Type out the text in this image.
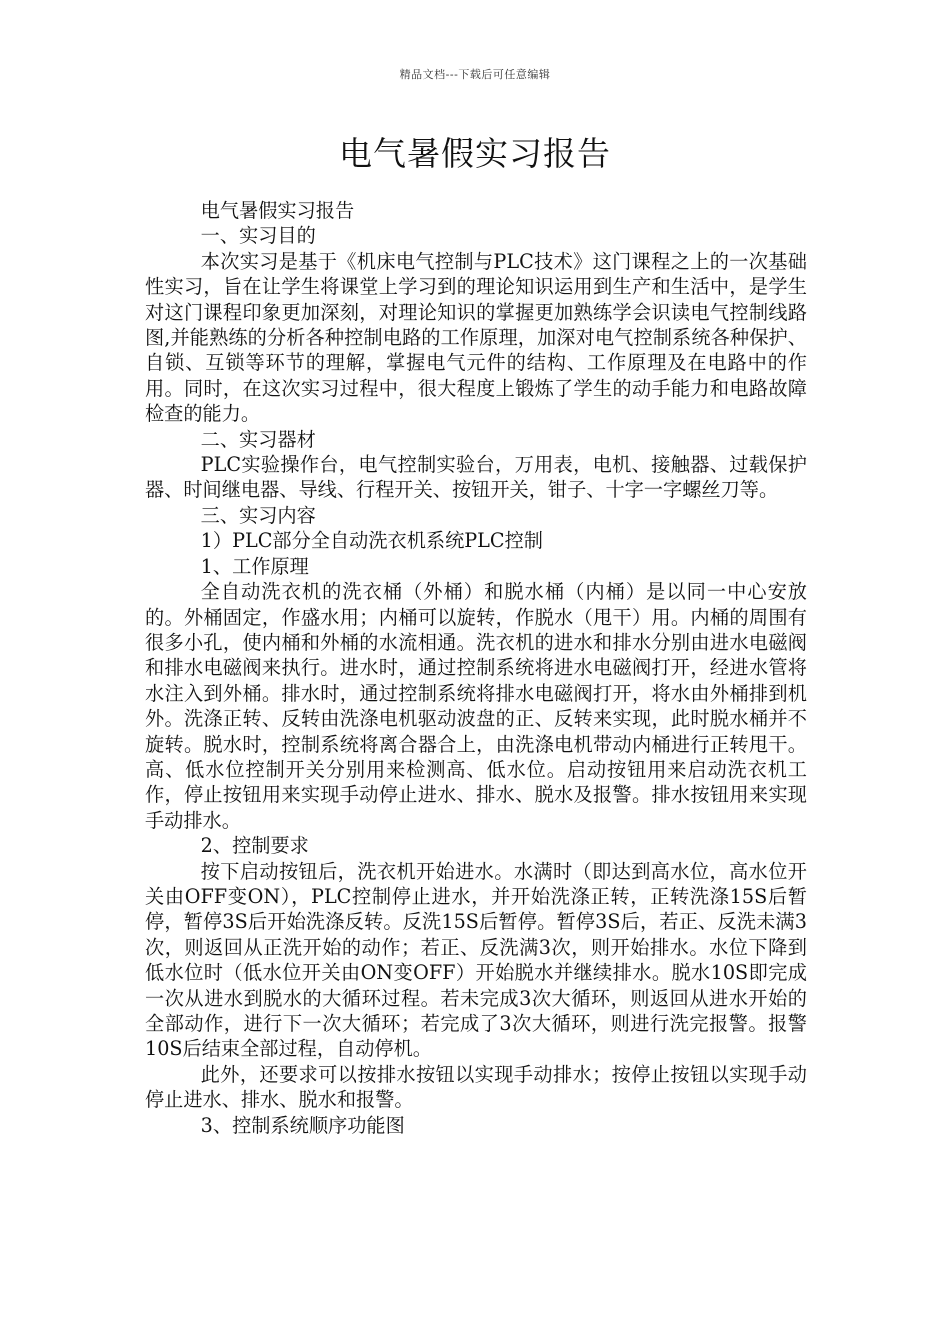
精品文档---下载后可任意编辑
电气暑假实习报告

电气暑假实习报告

一、实习目的

本次实习是基于《机床电气控制与PLC技术》这门课程之上的一次基础性实习，旨在让学生将课堂上学习到的理论知识运用到生产和生活中，是学生对这门课程印象更加深刻，对理论知识的掌握更加熟练学会识读电气控制线路图,并能熟练的分析各种控制电路的工作原理，加深对电气控制系统各种保护、自锁、互锁等环节的理解，掌握电气元件的结构、工作原理及在电路中的作用。同时，在这次实习过程中，很大程度上锻炼了学生的动手能力和电路故障检查的能力。

二、实习器材

PLC实验操作台，电气控制实验台，万用表，电机、接触器、过载保护器、时间继电器、导线、行程开关、按钮开关，钳子、十字一字螺丝刀等。

三、实习内容

1）PLC部分全自动洗衣机系统PLC控制

1、工作原理

全自动洗衣机的洗衣桶（外桶）和脱水桶（内桶）是以同一中心安放的。外桶固定，作盛水用；内桶可以旋转，作脱水（甩干）用。内桶的周围有很多小孔，使内桶和外桶的水流相通。洗衣机的进水和排水分别由进水电磁阀和排水电磁阀来执行。进水时，通过控制系统将进水电磁阀打开，经进水管将水注入到外桶。排水时，通过控制系统将排水电磁阀打开，将水由外桶排到机外。洗涤正转、反转由洗涤电机驱动波盘的正、反转来实现，此时脱水桶并不旋转。脱水时，控制系统将离合器合上，由洗涤电机带动内桶进行正转甩干。高、低水位控制开关分别用来检测高、低水位。启动按钮用来启动洗衣机工作，停止按钮用来实现手动停止进水、排水、脱水及报警。排水按钮用来实现手动排水。

2、控制要求

按下启动按钮后，洗衣机开始进水。水满时（即达到高水位，高水位开关由OFF变ON），PLC控制停止进水，并开始洗涤正转，正转洗涤15S后暂停，暂停3S后开始洗涤反转。反洗15S后暂停。暂停3S后，若正、反洗未满3次，则返回从正洗开始的动作；若正、反洗满3次，则开始排水。水位下降到低水位时（低水位开关由ON变OFF）开始脱水并继续排水。脱水10S即完成一次从进水到脱水的大循环过程。若未完成3次大循环，则返回从进水开始的全部动作，进行下一次大循环；若完成了3次大循环，则进行洗完报警。报警10S后结束全部过程，自动停机。

此外，还要求可以按排水按钮以实现手动排水；按停止按钮以实现手动停止进水、排水、脱水和报警。

3、控制系统顺序功能图
